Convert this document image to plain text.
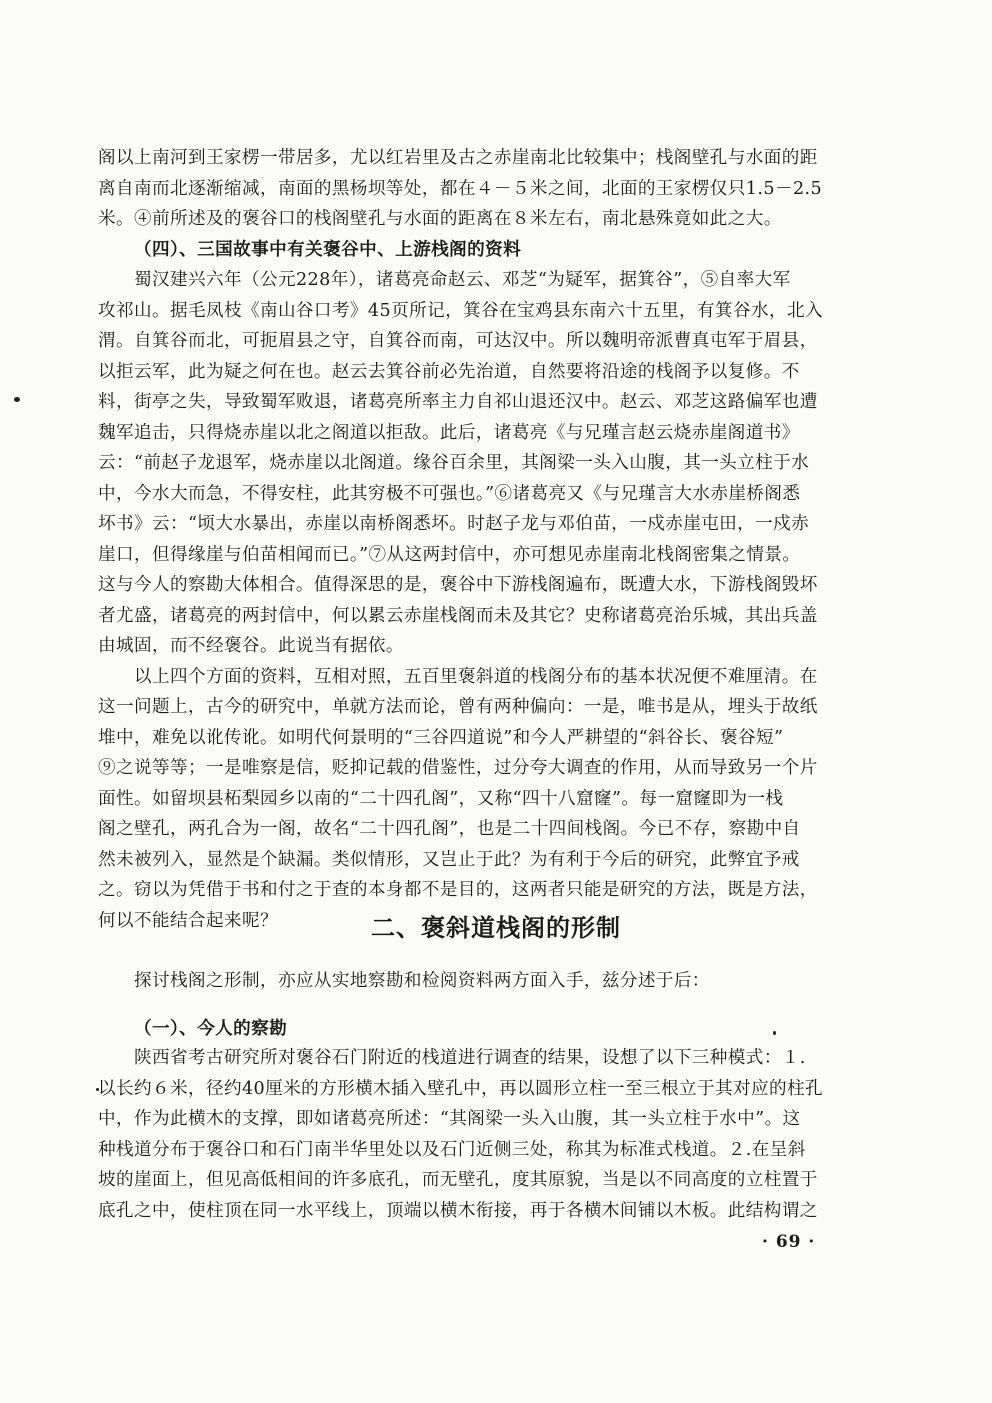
阁以上南河到王家楞一带居多，尤以红岩里及古之赤崖南北比较集中；栈阁壁孔与水面的距
离自南而北逐渐缩减，南面的黑杨坝等处，都在４－５米之间，北面的王家楞仅只1.5－2.5
米。④前所述及的褒谷口的栈阁壁孔与水面的距离在８米左右，南北悬殊竟如此之大。
（四）、三国故事中有关褒谷中、上游栈阁的资料
蜀汉建兴六年（公元228年），诸葛亮命赵云、邓芝“为疑军，据箕谷”，⑤自率大军
攻祁山。据毛凤枝《南山谷口考》45页所记，箕谷在宝鸡县东南六十五里，有箕谷水，北入
渭。自箕谷而北，可扼眉县之守，自箕谷而南，可达汉中。所以魏明帝派曹真屯军于眉县，
以拒云军，此为疑之何在也。赵云去箕谷前必先治道，自然要将沿途的栈阁予以复修。不
料，街亭之失，导致蜀军败退，诸葛亮所率主力自祁山退还汉中。赵云、邓芝这路偏军也遭
魏军追击，只得烧赤崖以北之阁道以拒敌。此后，诸葛亮《与兄瑾言赵云烧赤崖阁道书》
云：“前赵子龙退军，烧赤崖以北阁道。缘谷百余里，其阁梁一头入山腹，其一头立柱于水
中，今水大而急，不得安柱，此其穷极不可强也。”⑥诸葛亮又《与兄瑾言大水赤崖桥阁悉
坏书》云：“顷大水暴出，赤崖以南桥阁悉坏。时赵子龙与邓伯苗，一戍赤崖屯田，一戍赤
崖口，但得缘崖与伯苗相闻而已。”⑦从这两封信中，亦可想见赤崖南北栈阁密集之情景。
这与今人的察勘大体相合。值得深思的是，褒谷中下游栈阁遍布，既遭大水，下游栈阁毁坏
者尤盛，诸葛亮的两封信中，何以累云赤崖栈阁而未及其它？史称诸葛亮治乐城，其出兵盖
由城固，而不经褒谷。此说当有据依。
以上四个方面的资料，互相对照，五百里褒斜道的栈阁分布的基本状况便不难厘清。在
这一问题上，古今的研究中，单就方法而论，曾有两种偏向：一是，唯书是从，埋头于故纸
堆中，难免以讹传讹。如明代何景明的“三谷四道说”和今人严耕望的“斜谷长、褒谷短”
⑨之说等等；一是唯察是信，贬抑记载的借鉴性，过分夸大调查的作用，从而导致另一个片
面性。如留坝县柘梨园乡以南的“二十四孔阁”，又称“四十八窟窿”。每一窟窿即为一栈
阁之壁孔，两孔合为一阁，故名“二十四孔阁”，也是二十四间栈阁。今已不存，察勘中自
然未被列入，显然是个缺漏。类似情形，又岂止于此？为有利于今后的研究，此弊宜予戒
之。窃以为凭借于书和付之于查的本身都不是目的，这两者只能是研究的方法，既是方法，
何以不能结合起来呢？	二、褒斜道栈阁的形制
探讨栈阁之形制，亦应从实地察勘和检阅资料两方面入手，兹分述于后：
（一）、今人的察勘
陕西省考古研究所对褒谷石门附近的栈道进行调查的结果，设想了以下三种模式：１.
以长约６米，径约40厘米的方形横木插入壁孔中，再以圆形立柱一至三根立于其对应的柱孔
中，作为此横木的支撑，即如诸葛亮所述：“其阁梁一头入山腹，其一头立柱于水中”。这
种栈道分布于褒谷口和石门南半华里处以及石门近侧三处，称其为标准式栈道。２.在呈斜
坡的崖面上，但见高低相间的许多底孔，而无壁孔，度其原貌，当是以不同高度的立柱置于
底孔之中，使柱顶在同一水平线上，顶端以横木衔接，再于各横木间铺以木板。此结构谓之
· 69 ·
